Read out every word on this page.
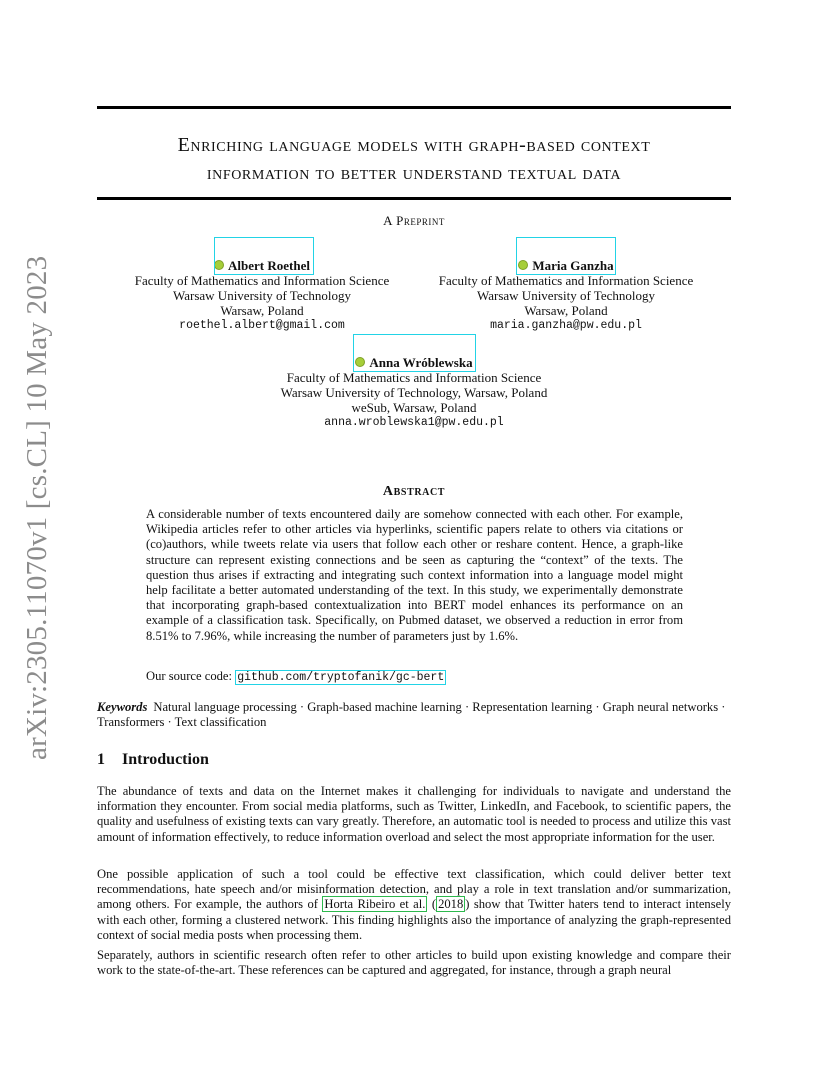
arXiv:2305.11070v1 [cs.CL] 10 May 2023
Enriching language models with graph-based context
information to better understand textual data
A Preprint
Albert Roethel
Faculty of Mathematics and Information Science
Warsaw University of Technology
Warsaw, Poland
roethel.albert@gmail.com
Maria Ganzha
Faculty of Mathematics and Information Science
Warsaw University of Technology
Warsaw, Poland
maria.ganzha@pw.edu.pl
Anna Wróblewska
Faculty of Mathematics and Information Science
Warsaw University of Technology, Warsaw, Poland
weSub, Warsaw, Poland
anna.wroblewska1@pw.edu.pl
Abstract
A considerable number of texts encountered daily are somehow connected with each other. For example, Wikipedia articles refer to other articles via hyperlinks, scientific papers relate to others via citations or (co)authors, while tweets relate via users that follow each other or reshare content. Hence, a graph-like structure can represent existing connections and be seen as capturing the “context” of the texts. The question thus arises if extracting and integrating such context information into a language model might help facilitate a better automated understanding of the text. In this study, we experimentally demonstrate that incorporating graph-based contextualization into BERT model enhances its performance on an example of a classification task. Specifically, on Pubmed dataset, we observed a reduction in error from 8.51% to 7.96%, while increasing the number of parameters just by 1.6%.
Our source code: github.com/tryptofanik/gc-bert
Keywords Natural language processing · Graph-based machine learning · Representation learning · Graph neural networks · Transformers · Text classification
1 Introduction
The abundance of texts and data on the Internet makes it challenging for individuals to navigate and understand the information they encounter. From social media platforms, such as Twitter, LinkedIn, and Facebook, to scientific papers, the quality and usefulness of existing texts can vary greatly. Therefore, an automatic tool is needed to process and utilize this vast amount of information effectively, to reduce information overload and select the most appropriate information for the user.
One possible application of such a tool could be effective text classification, which could deliver better text recommendations, hate speech and/or misinformation detection, and play a role in text translation and/or summarization, among others. For example, the authors of Horta Ribeiro et al. ( 2018 ) show that Twitter haters tend to interact intensely with each other, forming a clustered network. This finding highlights also the importance of analyzing the graph-represented context of social media posts when processing them.
Separately, authors in scientific research often refer to other articles to build upon existing knowledge and compare their work to the state-of-the-art. These references can be captured and aggregated, for instance, through a graph neural
